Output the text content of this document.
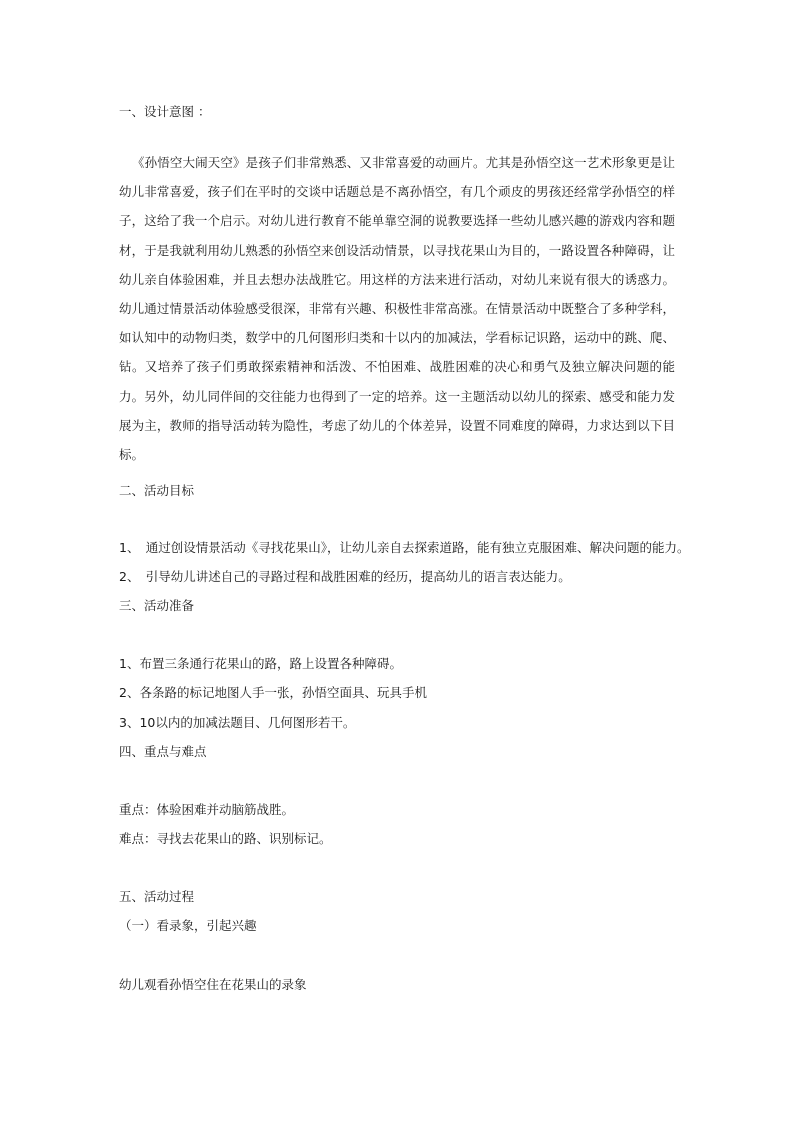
一、设计意图 ：
《孙悟空大闹天空》是孩子们非常熟悉、又非常喜爱的动画片。尤其是孙悟空这一艺术形象更是让幼儿非常喜爱，孩子们在平时的交谈中话题总是不离孙悟空，有几个顽皮的男孩还经常学孙悟空的样子，这给了我一个启示。对幼儿进行教育不能单靠空洞的说教要选择一些幼儿感兴趣的游戏内容和题材，于是我就利用幼儿熟悉的孙悟空来创设活动情景，以寻找花果山为目的，一路设置各种障碍，让幼儿亲自体验困难，并且去想办法战胜它。用这样的方法来进行活动，对幼儿来说有很大的诱惑力。幼儿通过情景活动体验感受很深，非常有兴趣、积极性非常高涨。在情景活动中既整合了多种学科，如认知中的动物归类，数学中的几何图形归类和十以内的加减法，学看标记识路，运动中的跳、爬、钻。又培养了孩子们勇敢探索精神和活泼、不怕困难、战胜困难的决心和勇气及独立解决问题的能力。另外，幼儿同伴间的交往能力也得到了一定的培养。这一主题活动以幼儿的探索、感受和能力发展为主，教师的指导活动转为隐性，考虑了幼儿的个体差异，设置不同难度的障碍，力求达到以下目标。
二、活动目标
1、　通过创设情景活动《寻找花果山》，让幼儿亲自去探索道路，能有独立克服困难、解决问题的能力。
2、　引导幼儿讲述自己的寻路过程和战胜困难的经历，提高幼儿的语言表达能力。
三、活动准备
1、布置三条通行花果山的路，路上设置各种障碍。
2、各条路的标记地图人手一张，孙悟空面具、玩具手机
3、10以内的加减法题目、几何图形若干。
四、重点与难点
重点：体验困难并动脑筋战胜。
难点：寻找去花果山的路、识别标记。
五、活动过程
（一）看录象，引起兴趣
幼儿观看孙悟空住在花果山的录象
